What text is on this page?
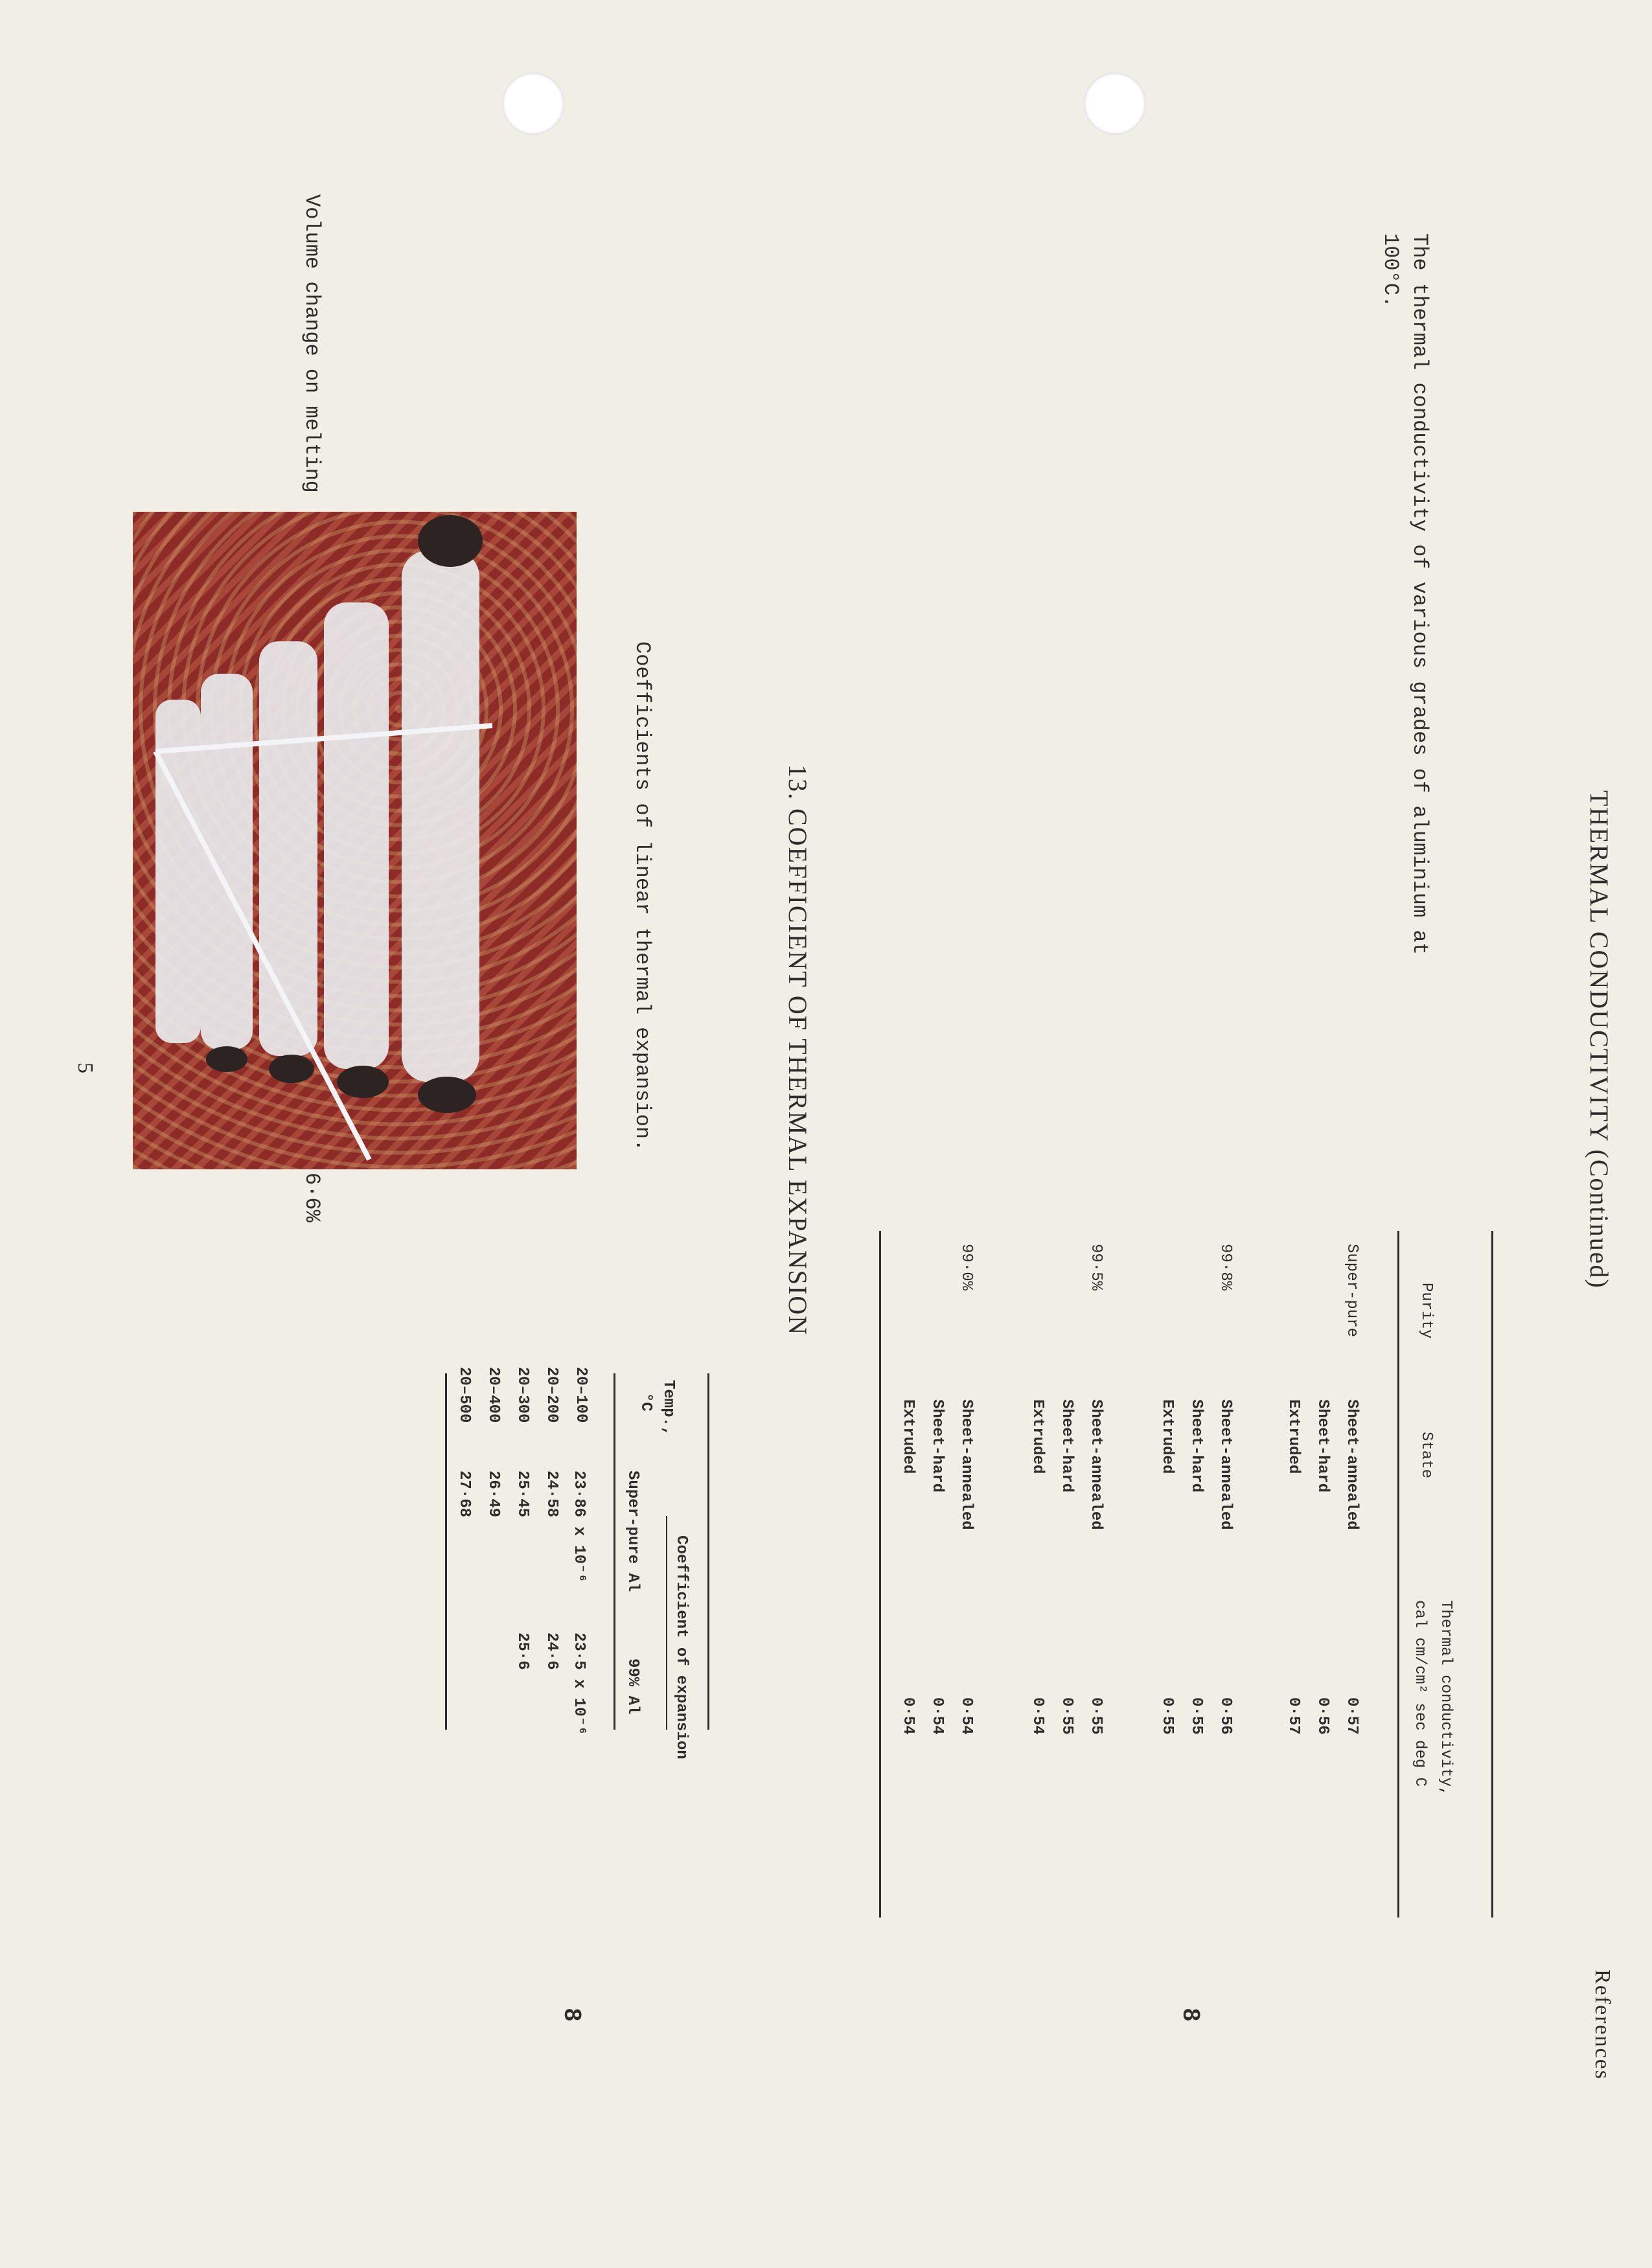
THERMAL CONDUCTIVITY (Continued)
References
The thermal conductivity of various grades of aluminium at
100°C.
Purity
State
Thermal conductivity,
cal cm/cm² sec deg C
Super-pure
Sheet-annealed
Sheet-hard
Extruded
0·57
0·56
0·57
99·8%
Sheet-annealed
Sheet-hard
Extruded
0·56
0·55
0·55
99·5%
Sheet-annealed
Sheet-hard
Extruded
0·55
0·55
0·54
99·0%
Sheet-annealed
Sheet-hard
Extruded
0·54
0·54
0·54
8
13. COEFFICIENT OF THERMAL EXPANSION
Coefficients of linear thermal expansion.
Coefficient of expansion
Temp.,
°C
Super-pure Al
99% Al
20–100
23·86 x 10⁻⁶
23·5 x 10⁻⁶
20–200
24·58
24·6
20–300
25·45
25·6
20–400
26·49
20–500
27·68
8
Volume change on melting
6·6%
5
